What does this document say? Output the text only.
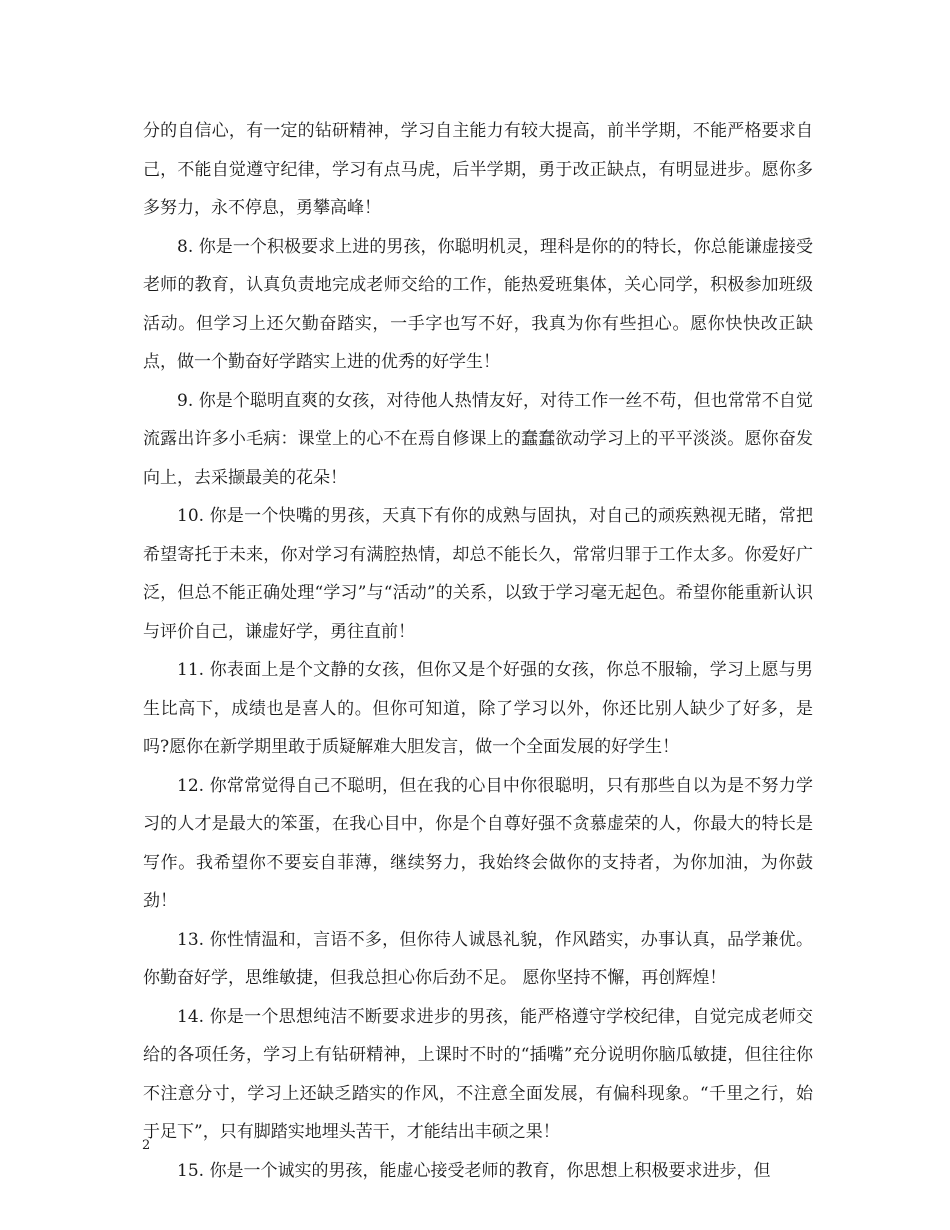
分的自信心，有一定的钻研精神，学习自主能力有较大提高，前半学期，不能严格要求自己，不能自觉遵守纪律，学习有点马虎，后半学期，勇于改正缺点，有明显进步。愿你多多努力，永不停息，勇攀高峰！

8. 你是一个积极要求上进的男孩，你聪明机灵，理科是你的的特长，你总能谦虚接受老师的教育，认真负责地完成老师交给的工作，能热爱班集体，关心同学，积极参加班级活动。但学习上还欠勤奋踏实，一手字也写不好，我真为你有些担心。愿你快快改正缺点，做一个勤奋好学踏实上进的优秀的好学生！

9. 你是个聪明直爽的女孩，对待他人热情友好，对待工作一丝不苟，但也常常不自觉流露出许多小毛病：课堂上的心不在焉自修课上的蠢蠢欲动学习上的平平淡淡。愿你奋发向上，去采撷最美的花朵！

10. 你是一个快嘴的男孩，天真下有你的成熟与固执，对自己的顽疾熟视无睹，常把希望寄托于未来，你对学习有满腔热情，却总不能长久，常常归罪于工作太多。你爱好广泛，但总不能正确处理“学习”与“活动”的关系，以致于学习毫无起色。希望你能重新认识与评价自己，谦虚好学，勇往直前！

11. 你表面上是个文静的女孩，但你又是个好强的女孩，你总不服输，学习上愿与男生比高下，成绩也是喜人的。但你可知道，除了学习以外，你还比别人缺少了好多，是吗?愿你在新学期里敢于质疑解难大胆发言，做一个全面发展的好学生！

12. 你常常觉得自己不聪明，但在我的心目中你很聪明，只有那些自以为是不努力学习的人才是最大的笨蛋，在我心目中，你是个自尊好强不贪慕虚荣的人，你最大的特长是写作。我希望你不要妄自菲薄，继续努力，我始终会做你的支持者，为你加油，为你鼓劲！

13. 你性情温和，言语不多，但你待人诚恳礼貌，作风踏实，办事认真，品学兼优。你勤奋好学，思维敏捷，但我总担心你后劲不足。 愿你坚持不懈，再创辉煌！

14. 你是一个思想纯洁不断要求进步的男孩，能严格遵守学校纪律，自觉完成老师交给的各项任务，学习上有钻研精神，上课时不时的“插嘴”充分说明你脑瓜敏捷，但往往你不注意分寸，学习上还缺乏踏实的作风，不注意全面发展，有偏科现象。“千里之行，始于足下”，只有脚踏实地埋头苦干，才能结出丰硕之果！

15. 你是一个诚实的男孩，能虚心接受老师的教育，你思想上积极要求进步，但

2
